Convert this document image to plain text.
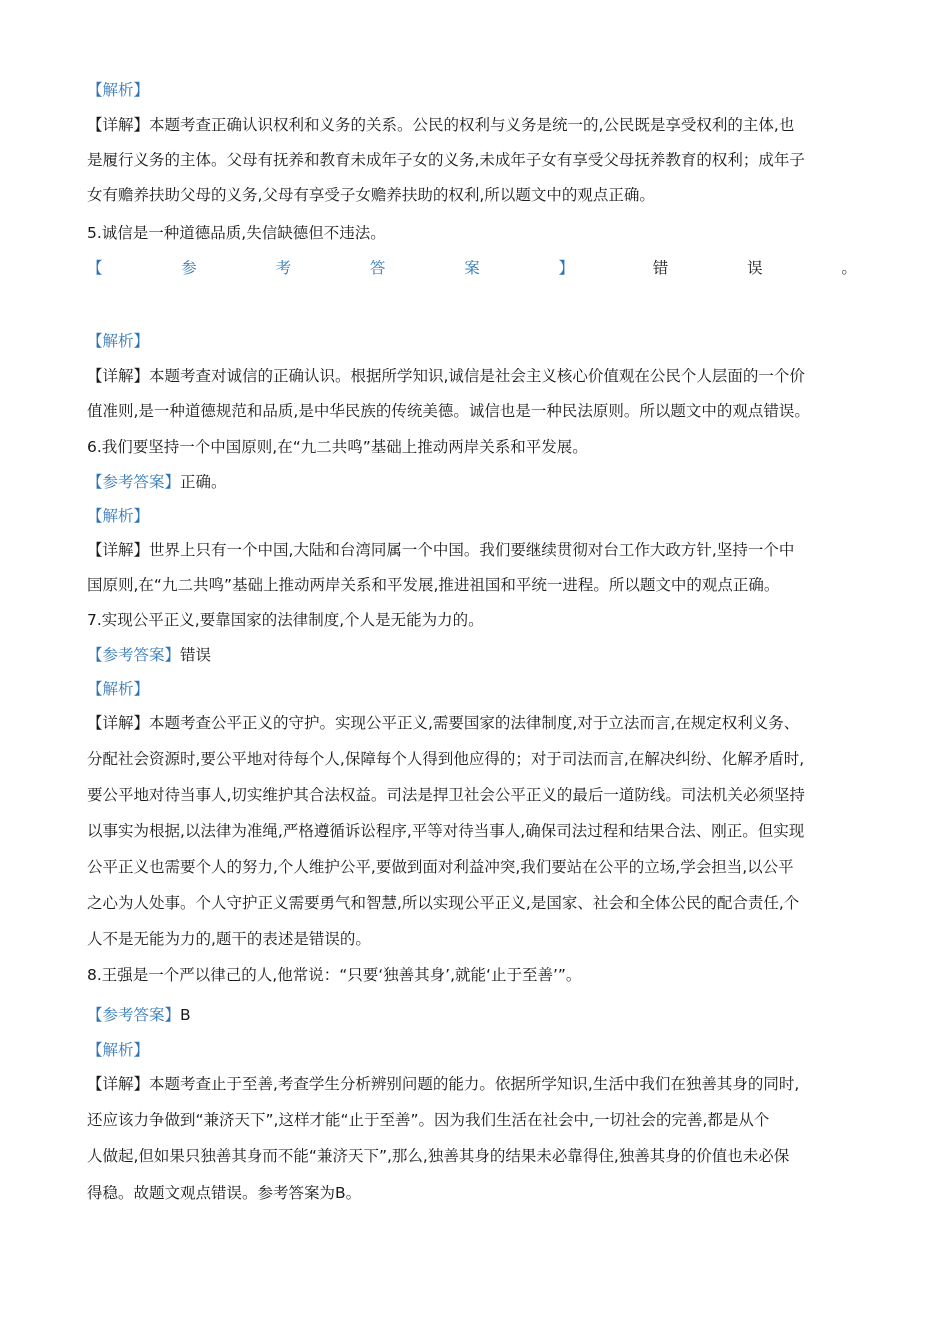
【解析】
【详解】本题考查正确认识权利和义务的关系。公民的权利与义务是统一的,公民既是享受权利的主体,也
是履行义务的主体。父母有抚养和教育未成年子女的义务,未成年子女有享受父母抚养教育的权利；成年子
女有赡养扶助父母的义务,父母有享受子女赡养扶助的权利,所以题文中的观点正确。
5.诚信是一种道德品质,失信缺德但不违法。
【	参	考	答	案	】	错	误	。
【解析】
【详解】本题考查对诚信的正确认识。根据所学知识,诚信是社会主义核心价值观在公民个人层面的一个价
值准则,是一种道德规范和品质,是中华民族的传统美德。诚信也是一种民法原则。所以题文中的观点错误。
6.我们要坚持一个中国原则,在“九二共鸣”基础上推动两岸关系和平发展。
【参考答案】正确。
【解析】
【详解】世界上只有一个中国,大陆和台湾同属一个中国。我们要继续贯彻对台工作大政方针,坚持一个中
国原则,在“九二共鸣”基础上推动两岸关系和平发展,推进祖国和平统一进程。所以题文中的观点正确。
7.实现公平正义,要靠国家的法律制度,个人是无能为力的。
【参考答案】错误
【解析】
【详解】本题考查公平正义的守护。实现公平正义,需要国家的法律制度,对于立法而言,在规定权利义务、
分配社会资源时,要公平地对待每个人,保障每个人得到他应得的；对于司法而言,在解决纠纷、化解矛盾时,
要公平地对待当事人,切实维护其合法权益。司法是捍卫社会公平正义的最后一道防线。司法机关必须坚持
以事实为根据,以法律为准绳,严格遵循诉讼程序,平等对待当事人,确保司法过程和结果合法、刚正。但实现
公平正义也需要个人的努力,个人维护公平,要做到面对利益冲突,我们要站在公平的立场,学会担当,以公平
之心为人处事。个人守护正义需要勇气和智慧,所以实现公平正义,是国家、社会和全体公民的配合责任,个
人不是无能为力的,题干的表述是错误的。
8.王强是一个严以律己的人,他常说：“只要‘独善其身’,就能‘止于至善’”。
【参考答案】B
【解析】
【详解】本题考查止于至善,考查学生分析辨别问题的能力。依据所学知识,生活中我们在独善其身的同时,
还应该力争做到“兼济天下”,这样才能“止于至善”。因为我们生活在社会中,一切社会的完善,都是从个
人做起,但如果只独善其身而不能“兼济天下”,那么,独善其身的结果未必靠得住,独善其身的价值也未必保
得稳。故题文观点错误。参考答案为B。
